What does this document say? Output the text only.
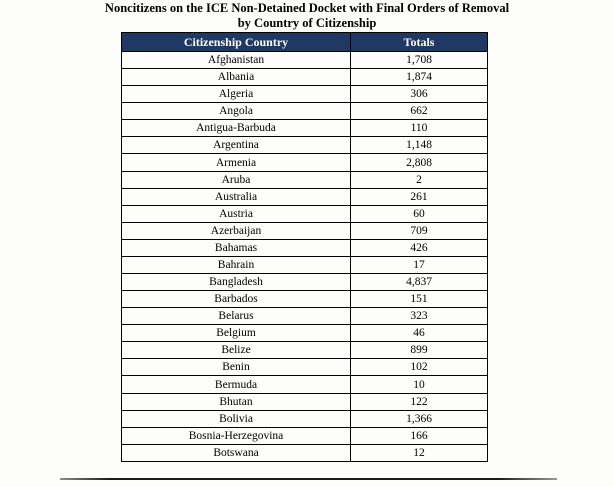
Noncitizens on the ICE Non-Detained Docket with Final Orders of Removal
by Country of Citizenship
Citizenship Country	Totals
Afghanistan	1,708
Albania	1,874
Algeria	306
Angola	662
Antigua-Barbuda	110
Argentina	1,148
Armenia	2,808
Aruba	2
Australia	261
Austria	60
Azerbaijan	709
Bahamas	426
Bahrain	17
Bangladesh	4,837
Barbados	151
Belarus	323
Belgium	46
Belize	899
Benin	102
Bermuda	10
Bhutan	122
Bolivia	1,366
Bosnia-Herzegovina	166
Botswana	12
